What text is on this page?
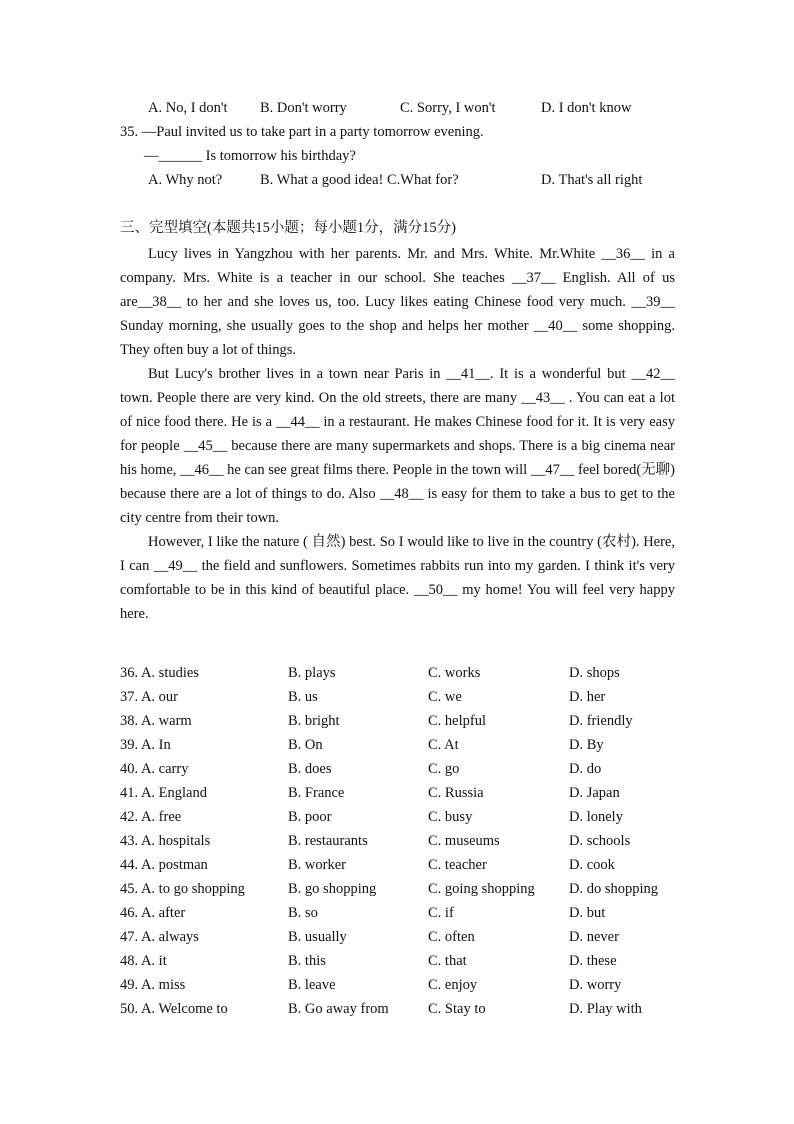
A. No, I don't B. Don't worry	C. Sorry, I won't	D. I don't know
35. —Paul invited us to take part in a party tomorrow evening.
—______ Is tomorrow his birthday?
A. Why not?	B. What a good idea! C.What for?	D. That's all right
三、完型填空(本题共15小题；每小题1分，满分15分)

Lucy lives in Yangzhou with her parents. Mr. and Mrs. White. Mr.White __36__ in a company. Mrs. White is a teacher in our school. She teaches __37__ English. All of us are__38__ to her and she loves us, too. Lucy likes eating Chinese food very much. __39__ Sunday morning, she usually goes to the shop and helps her mother __40__ some shopping. They often buy a lot of things.

But Lucy's brother lives in a town near Paris in __41__. It is a wonderful but __42__ town. People there are very kind. On the old streets, there are many __43__ . You can eat a lot of nice food there. He is a __44__ in a restaurant. He makes Chinese food for it. It is very easy for people __45__ because there are many supermarkets and shops. There is a big cinema near his home, __46__ he can see great films there. People in the town will __47__ feel bored(无聊) because there are a lot of things to do. Also __48__ is easy for them to take a bus to get to the city centre from their town.

However, I like the nature ( 自然) best. So I would like to live in the country (农村). Here, I can __49__ the field and sunflowers. Sometimes rabbits run into my garden. I think it's very comfortable to be in this kind of beautiful place. __50__ my home! You will feel very happy here.

36. A. studies	B. plays	C. works	D. shops
37. A. our	B. us	C. we	D. her
38. A. warm	B. bright	C. helpful	D. friendly
39. A. In	B. On	C. At	D. By
40. A. carry	B. does	C. go	D. do
41. A. England	B. France	C. Russia	D. Japan
42. A. free	B. poor	C. busy	D. lonely
43. A. hospitals	B. restaurants	C. museums	D. schools
44. A. postman	B. worker	C. teacher	D. cook
45. A. to go shopping	B. go shopping	C. going shopping D. do shopping
46. A. after	B. so	C. if	D. but
47. A. always	B. usually	C. often	D. never
48. A. it	B. this	C. that	D. these
49. A. miss	B. leave	C. enjoy	D. worry
50. A. Welcome to	B. Go away from	C. Stay to	D. Play with
